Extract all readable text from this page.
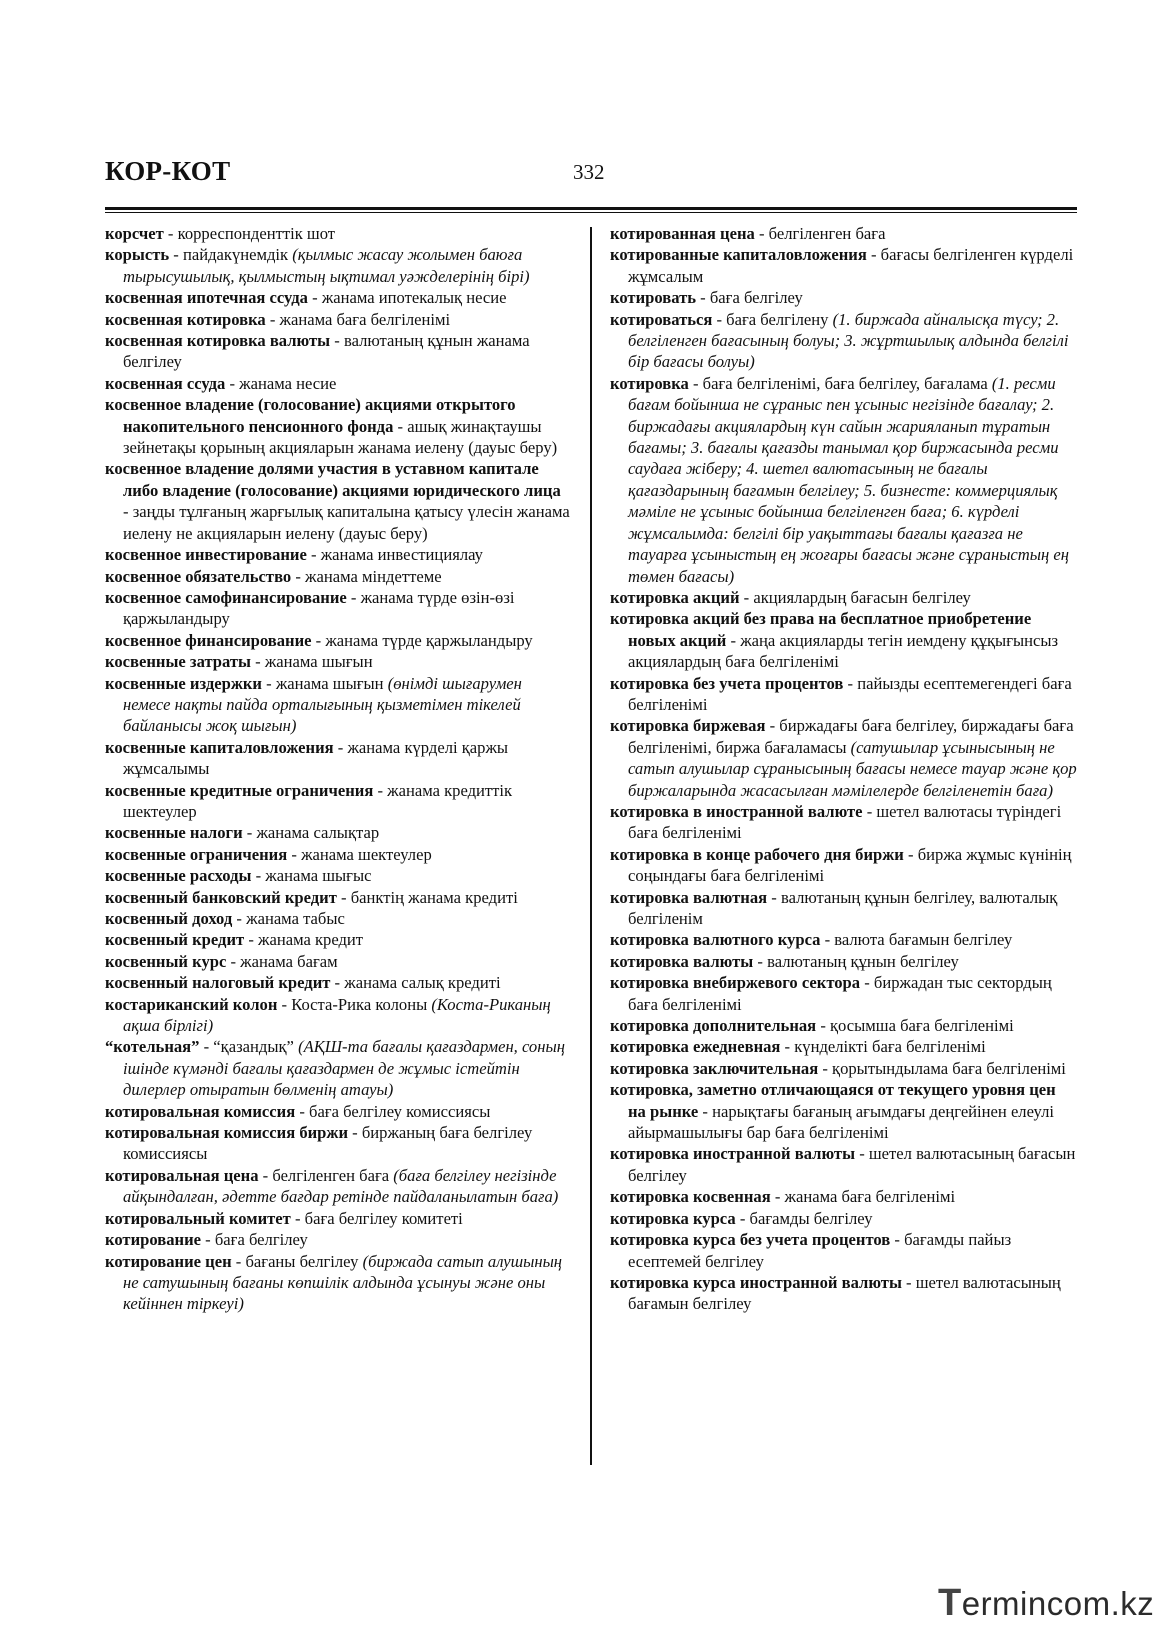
КОР-КОТ	332

корсчет - корреспонденттік шот

корысть - пайдакүнемдік (қылмыс жасау жолымен баюға тырысушылық, қылмыстың ықтимал уәжделерінің бірі)

косвенная ипотечная ссуда - жанама ипотекалық несие

косвенная котировка - жанама баға белгіленімі

косвенная котировка валюты - валютаның құнын жанама белгілеу

косвенная ссуда - жанама несие

косвенное владение (голосование) акциями открытого накопительного пенсионного фонда - ашық жинақтаушы зейнетақы қорының акцияларын жанама иелену (дауыс беру)

косвенное владение долями участия в уставном капитале либо владение (голосование) акциями юридического лица - заңды тұлғаның жарғылық капиталына қатысу үлесін жанама иелену не акцияларын иелену (дауыс беру)

косвенное инвестирование - жанама инвестициялау

косвенное обязательство - жанама міндеттеме

косвенное самофинансирование - жанама түрде өзін-өзі қаржыландыру

косвенное финансирование - жанама түрде қаржыландыру

косвенные затраты - жанама шығын

косвенные издержки - жанама шығын (өнімді шығарумен немесе нақты пайда орталығының қызметімен тікелей байланысы жоқ шығын)

косвенные капиталовложения - жанама күрделі қаржы жұмсалымы

косвенные кредитные ограничения - жанама кредиттік шектеулер

косвенные налоги - жанама салықтар

косвенные ограничения - жанама шектеулер

косвенные расходы - жанама шығыс

косвенный банковский кредит - банктің жанама кредиті

косвенный доход - жанама табыс

косвенный кредит - жанама кредит

косвенный курс - жанама бағам

косвенный налоговый кредит - жанама салық кредиті

костариканский колон - Коста-Рика колоны (Коста-Риканың ақша бірлігі)

“котельная” - “қазандық” (АҚШ-та бағалы қағаздармен, соның ішінде күмәнді бағалы қағаздармен де жұмыс істейтін дилерлер отыратын бөлменің атауы)

котировальная комиссия - баға белгілеу комиссиясы

котировальная комиссия биржи - биржаның баға белгілеу комиссиясы

котировальная цена - белгіленген баға (баға белгілеу негізінде айқындалған, әдетте бағдар ретінде пайдаланылатын баға)

котировальный комитет - баға белгілеу комитеті

котирование - баға белгілеу

котирование цен - бағаны белгілеу (биржада сатып алушының не сатушының бағаны көпшілік алдында ұсынуы және оны кейіннен тіркеуі)

котированная цена - белгіленген баға

котированные капиталовложения - бағасы белгіленген күрделі жұмсалым

котировать - баға белгілеу

котироваться - баға белгілену (1. биржада айналысқа түсу; 2. белгіленген бағасының болуы; 3. жұртшылық алдында белгілі бір бағасы болуы)

котировка - баға белгіленімі, баға белгілеу, бағалама (1. ресми бағам бойынша не сұраныс пен ұсыныс негізінде бағалау; 2. биржадағы акциялардың күн сайын жарияланып тұратын бағамы; 3. бағалы қағазды танымал қор биржасында ресми саудаға жіберу; 4. шетел валютасының не бағалы қағаздарының бағамын белгілеу; 5. бизнесте: коммерциялық мәміле не ұсыныс бойынша белгіленген баға; 6. күрделі жұмсалымда: белгілі бір уақыттағы бағалы қағазға не тауарға ұсыныстың ең жоғары бағасы және сұраныстың ең төмен бағасы)

котировка акций - акциялардың бағасын белгілеу

котировка акций без права на бесплатное приобретение новых акций - жаңа акцияларды тегін иемдену құқығынсыз акциялардың баға белгіленімі

котировка без учета процентов - пайызды есептемегендегі баға белгіленімі

котировка биржевая - биржадағы баға белгілеу, биржадағы баға белгіленімі, биржа бағаламасы (сатушылар ұсынысының не сатып алушылар сұранысының бағасы немесе тауар және қор биржаларында жасасылған мәмілелерде белгіленетін баға)

котировка в иностранной валюте - шетел валютасы түріндегі баға белгіленімі

котировка в конце рабочего дня биржи - биржа жұмыс күнінің соңындағы баға белгіленімі

котировка валютная - валютаның құнын белгілеу, валюталық белгіленім

котировка валютного курса - валюта бағамын белгілеу

котировка валюты - валютаның құнын белгілеу

котировка внебиржевого сектора - биржадан тыс сектордың баға белгіленімі

котировка дополнительная - қосымша баға белгіленімі

котировка ежедневная - күнделікті баға белгіленімі

котировка заключительная - қорытындылама баға белгіленімі

котировка, заметно отличающаяся от текущего уровня цен на рынке - нарықтағы бағаның ағымдағы деңгейінен елеулі айырмашылығы бар баға белгіленімі

котировка иностранной валюты - шетел валютасының бағасын белгілеу

котировка косвенная - жанама баға белгіленімі

котировка курса - бағамды белгілеу

котировка курса без учета процентов - бағамды пайыз есептемей белгілеу

котировка курса иностранной валюты - шетел валютасының бағамын белгілеу

Termincom.kz
